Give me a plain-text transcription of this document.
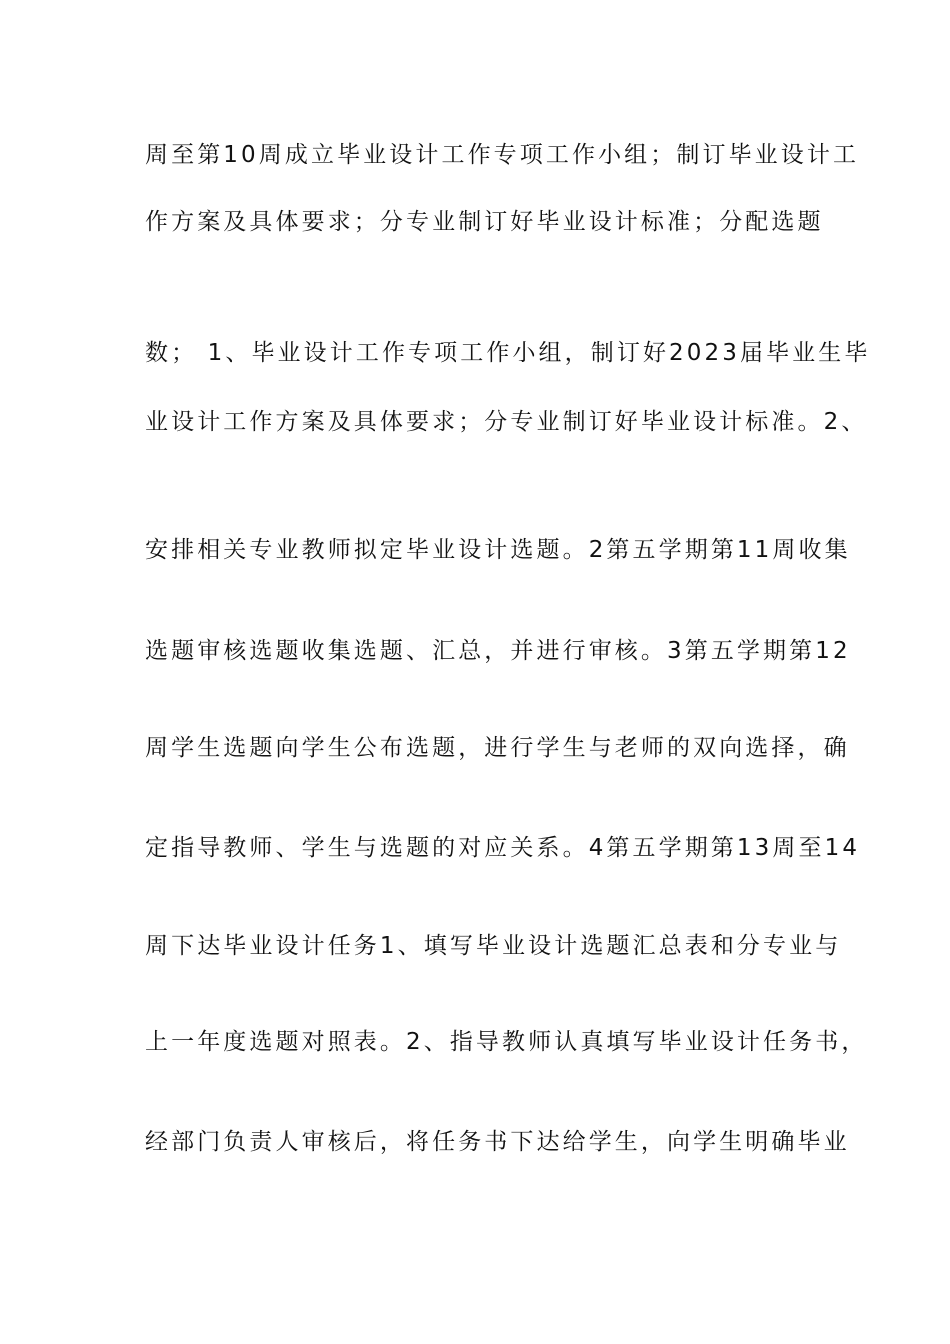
周至第10周成立毕业设计工作专项工作小组；制订毕业设计工
作方案及具体要求；分专业制订好毕业设计标准；分配选题
数； 1、毕业设计工作专项工作小组，制订好2023届毕业生毕
业设计工作方案及具体要求；分专业制订好毕业设计标准。2、
安排相关专业教师拟定毕业设计选题。2第五学期第11周收集
选题审核选题收集选题、汇总，并进行审核。3第五学期第12
周学生选题向学生公布选题，进行学生与老师的双向选择，确
定指导教师、学生与选题的对应关系。4第五学期第13周至14
周下达毕业设计任务1、填写毕业设计选题汇总表和分专业与
上一年度选题对照表。2、指导教师认真填写毕业设计任务书，
经部门负责人审核后，将任务书下达给学生，向学生明确毕业
